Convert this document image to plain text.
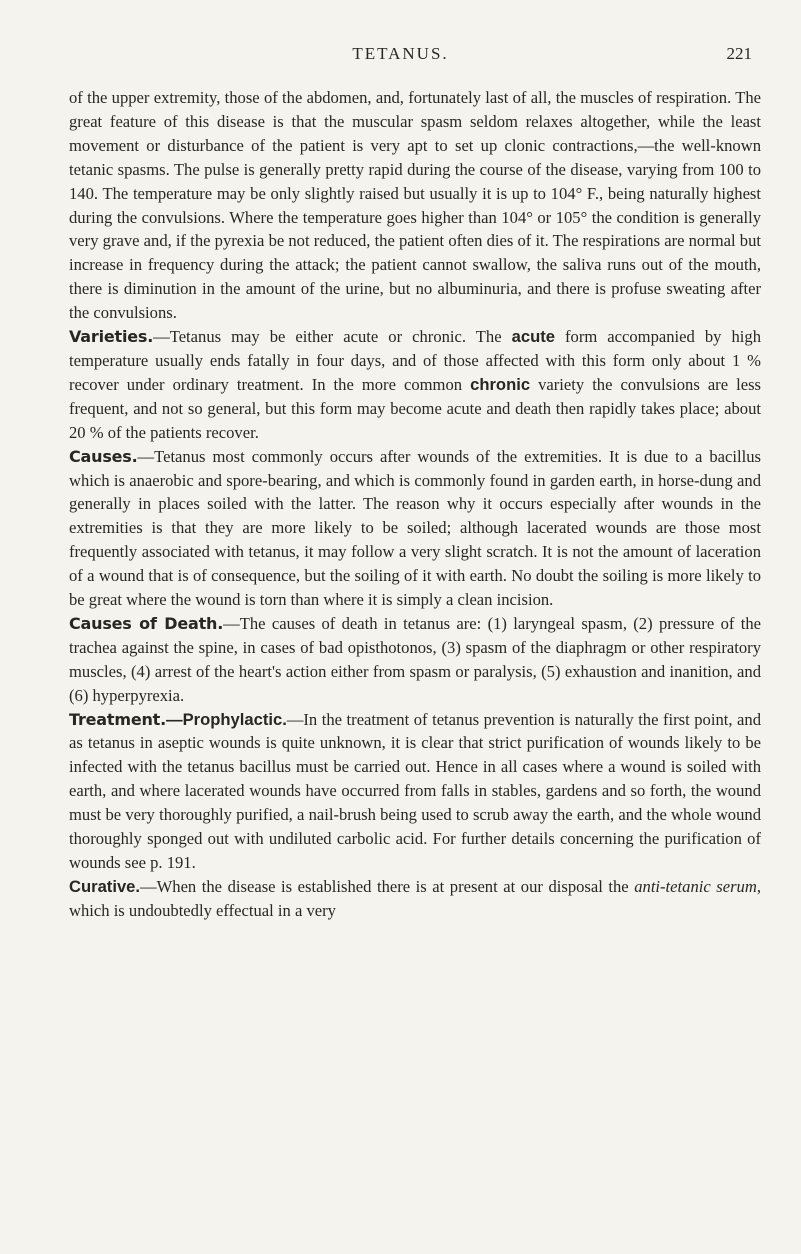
TETANUS.	221

of the upper extremity, those of the abdomen, and, fortunately last of all, the muscles of respiration. The great feature of this disease is that the muscular spasm seldom relaxes altogether, while the least movement or disturbance of the patient is very apt to set up clonic contractions,—the well-known tetanic spasms. The pulse is generally pretty rapid during the course of the disease, varying from 100 to 140. The temperature may be only slightly raised but usually it is up to 104° F., being naturally highest during the convulsions. Where the temperature goes higher than 104° or 105° the condition is generally very grave and, if the pyrexia be not reduced, the patient often dies of it. The respirations are normal but increase in frequency during the attack; the patient cannot swallow, the saliva runs out of the mouth, there is diminution in the amount of the urine, but no albuminuria, and there is profuse sweating after the convulsions.

Varieties.—Tetanus may be either acute or chronic. The acute form accompanied by high temperature usually ends fatally in four days, and of those affected with this form only about 1 % recover under ordinary treatment. In the more common chronic variety the convulsions are less frequent, and not so general, but this form may become acute and death then rapidly takes place; about 20 % of the patients recover.

Causes.—Tetanus most commonly occurs after wounds of the extremities. It is due to a bacillus which is anaerobic and spore-bearing, and which is commonly found in garden earth, in horse-dung and generally in places soiled with the latter. The reason why it occurs especially after wounds in the extremities is that they are more likely to be soiled; although lacerated wounds are those most frequently associated with tetanus, it may follow a very slight scratch. It is not the amount of laceration of a wound that is of consequence, but the soiling of it with earth. No doubt the soiling is more likely to be great where the wound is torn than where it is simply a clean incision.

Causes of Death.—The causes of death in tetanus are: (1) laryngeal spasm, (2) pressure of the trachea against the spine, in cases of bad opisthotonos, (3) spasm of the diaphragm or other respiratory muscles, (4) arrest of the heart's action either from spasm or paralysis, (5) exhaustion and inanition, and (6) hyperpyrexia.

Treatment.—Prophylactic.—In the treatment of tetanus prevention is naturally the first point, and as tetanus in aseptic wounds is quite unknown, it is clear that strict purification of wounds likely to be infected with the tetanus bacillus must be carried out. Hence in all cases where a wound is soiled with earth, and where lacerated wounds have occurred from falls in stables, gardens and so forth, the wound must be very thoroughly purified, a nail-brush being used to scrub away the earth, and the whole wound thoroughly sponged out with undiluted carbolic acid. For further details concerning the purification of wounds see p. 191.

Curative.—When the disease is established there is at present at our disposal the anti-tetanic serum, which is undoubtedly effectual in a very
